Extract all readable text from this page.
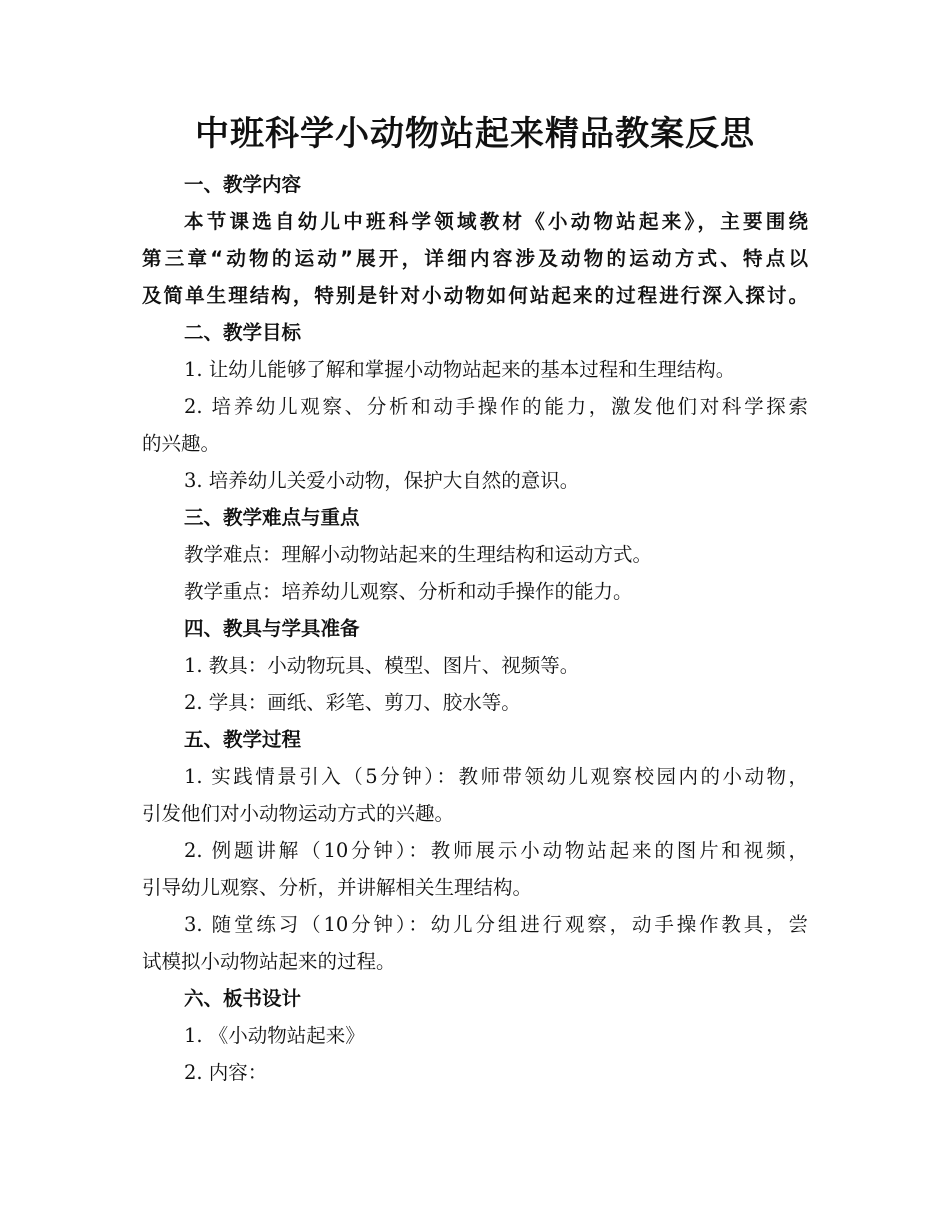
中班科学小动物站起来精品教案反思
一、教学内容
本节课选自幼儿中班科学领域教材《小动物站起来》，主要围绕
第三章“动物的运动”展开，详细内容涉及动物的运动方式、特点以
及简单生理结构，特别是针对小动物如何站起来的过程进行深入探讨。
二、教学目标
1. 让幼儿能够了解和掌握小动物站起来的基本过程和生理结构。
2. 培养幼儿观察、分析和动手操作的能力，激发他们对科学探索
的兴趣。
3. 培养幼儿关爱小动物，保护大自然的意识。
三、教学难点与重点
教学难点：理解小动物站起来的生理结构和运动方式。
教学重点：培养幼儿观察、分析和动手操作的能力。
四、教具与学具准备
1. 教具：小动物玩具、模型、图片、视频等。
2. 学具：画纸、彩笔、剪刀、胶水等。
五、教学过程
1. 实践情景引入（5分钟）：教师带领幼儿观察校园内的小动物，
引发他们对小动物运动方式的兴趣。
2. 例题讲解（10分钟）：教师展示小动物站起来的图片和视频，
引导幼儿观察、分析，并讲解相关生理结构。
3. 随堂练习（10分钟）：幼儿分组进行观察，动手操作教具，尝
试模拟小动物站起来的过程。
六、板书设计
1. 《小动物站起来》
2. 内容：
